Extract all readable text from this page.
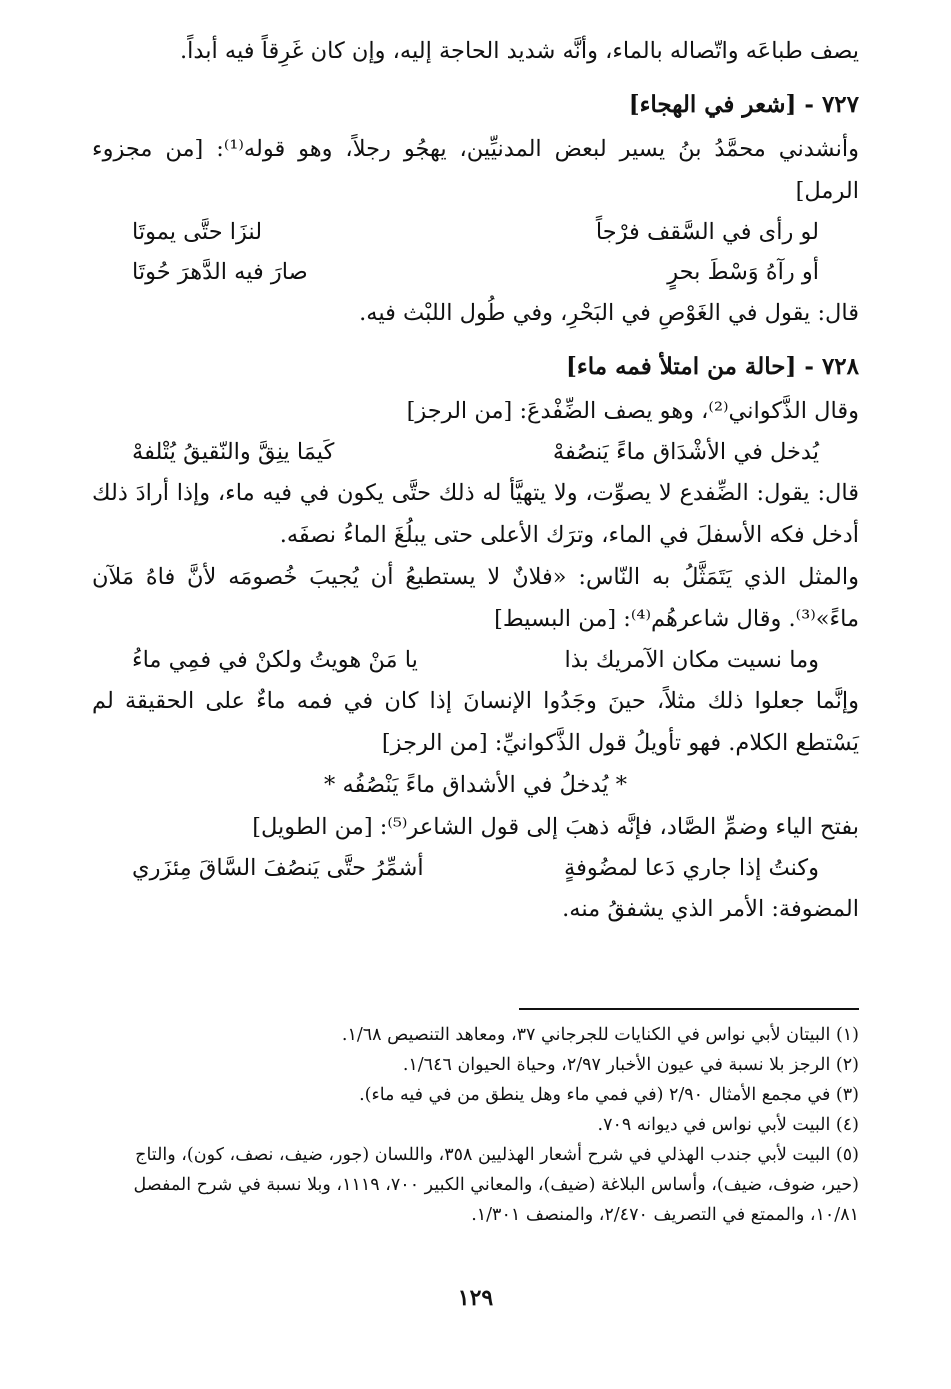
يصف طباعَه واتّصاله بالماء، وأنَّه شديد الحاجة إليه، وإن كان غَرِقاً فيه أبداً.

٧٢٧ - [شعر في الهجاء]

وأنشدني محمَّدُ بنُ يسير لبعض المدنيِّين، يهجُو رجلاً، وهو قوله⁽¹⁾: [من مجزوء الرمل]

لو رأى في السَّقف فرْجاً
لنزَا حتَّى يموتَا
أو رآهُ وَسْطَ بحرٍ
صارَ فيه الدَّهرَ حُوتَا

قال: يقول في الغَوْصِ في البَحْرِ، وفي طُول اللبْث فيه.

٧٢٨ - [حالة من امتلأ فمه ماء]

وقال الذَّكواني⁽²⁾، وهو يصف الضِّفْدعَ: [من الرجز]

يُدخل في الأشْدَاق ماءً يَنصُفهْ
كَيمَا ينِقَّ والنّقيقُ يُتْلفهْ

قال: يقول: الضِّفدع لا يصوِّت، ولا يتهيَّأ له ذلك حتَّى يكون في فيه ماء، وإذا أرادَ ذلك أدخل فكه الأسفلَ في الماء، وترَك الأعلى حتى يبلُغَ الماءُ نصفَه.

والمثل الذي يَتَمَثَّلُ به النّاس: «فلانٌ لا يستطيعُ أن يُجيبَ خُصومَه لأنَّ فاهُ مَلآن ماءً»⁽³⁾. وقال شاعرهُم⁽⁴⁾: [من البسيط]

وما نسيت مكان الآمريك بذا
يا مَنْ هويتُ ولكنْ في فمِي ماءُ

وإنَّما جعلوا ذلك مثلاً، حينَ وجَدُوا الإنسانَ إذا كان في فمه ماءٌ على الحقيقة لم يَسْتطع الكلام. فهو تأويلُ قول الذَّكوانيِّ: [من الرجز]

* يُدخلُ في الأشداق ماءً يَنْصُفُه *

بفتح الياء وضمِّ الصَّاد، فإنَّه ذهبَ إلى قول الشاعر⁽⁵⁾: [من الطويل]

وكنتُ إذا جاري دَعا لمضُوفةٍ
أشمِّرُ حتَّى يَنصُفَ السَّاقَ مِئزَري

المضوفة: الأمر الذي يشفقُ منه.

(١) البيتان لأبي نواس في الكنايات للجرجاني ٣٧، ومعاهد التنصيص ١/٦٨.

(٢) الرجز بلا نسبة في عيون الأخبار ٢/٩٧، وحياة الحيوان ١/٦٤٦.

(٣) في مجمع الأمثال ٢/٩٠ (في فمي ماء وهل ينطق من في فيه ماء).

(٤) البيت لأبي نواس في ديوانه ٧٠٩.

(٥) البيت لأبي جندب الهذلي في شرح أشعار الهذليين ٣٥٨، واللسان (جور، ضيف، نصف، كون)، والتاج (حير، ضوف، ضيف)، وأساس البلاغة (ضيف)، والمعاني الكبير ٧٠٠، ١١١٩، وبلا نسبة في شرح المفصل ١٠/٨١، والممتع في التصريف ٢/٤٧٠، والمنصف ١/٣٠١.

١٢٩
